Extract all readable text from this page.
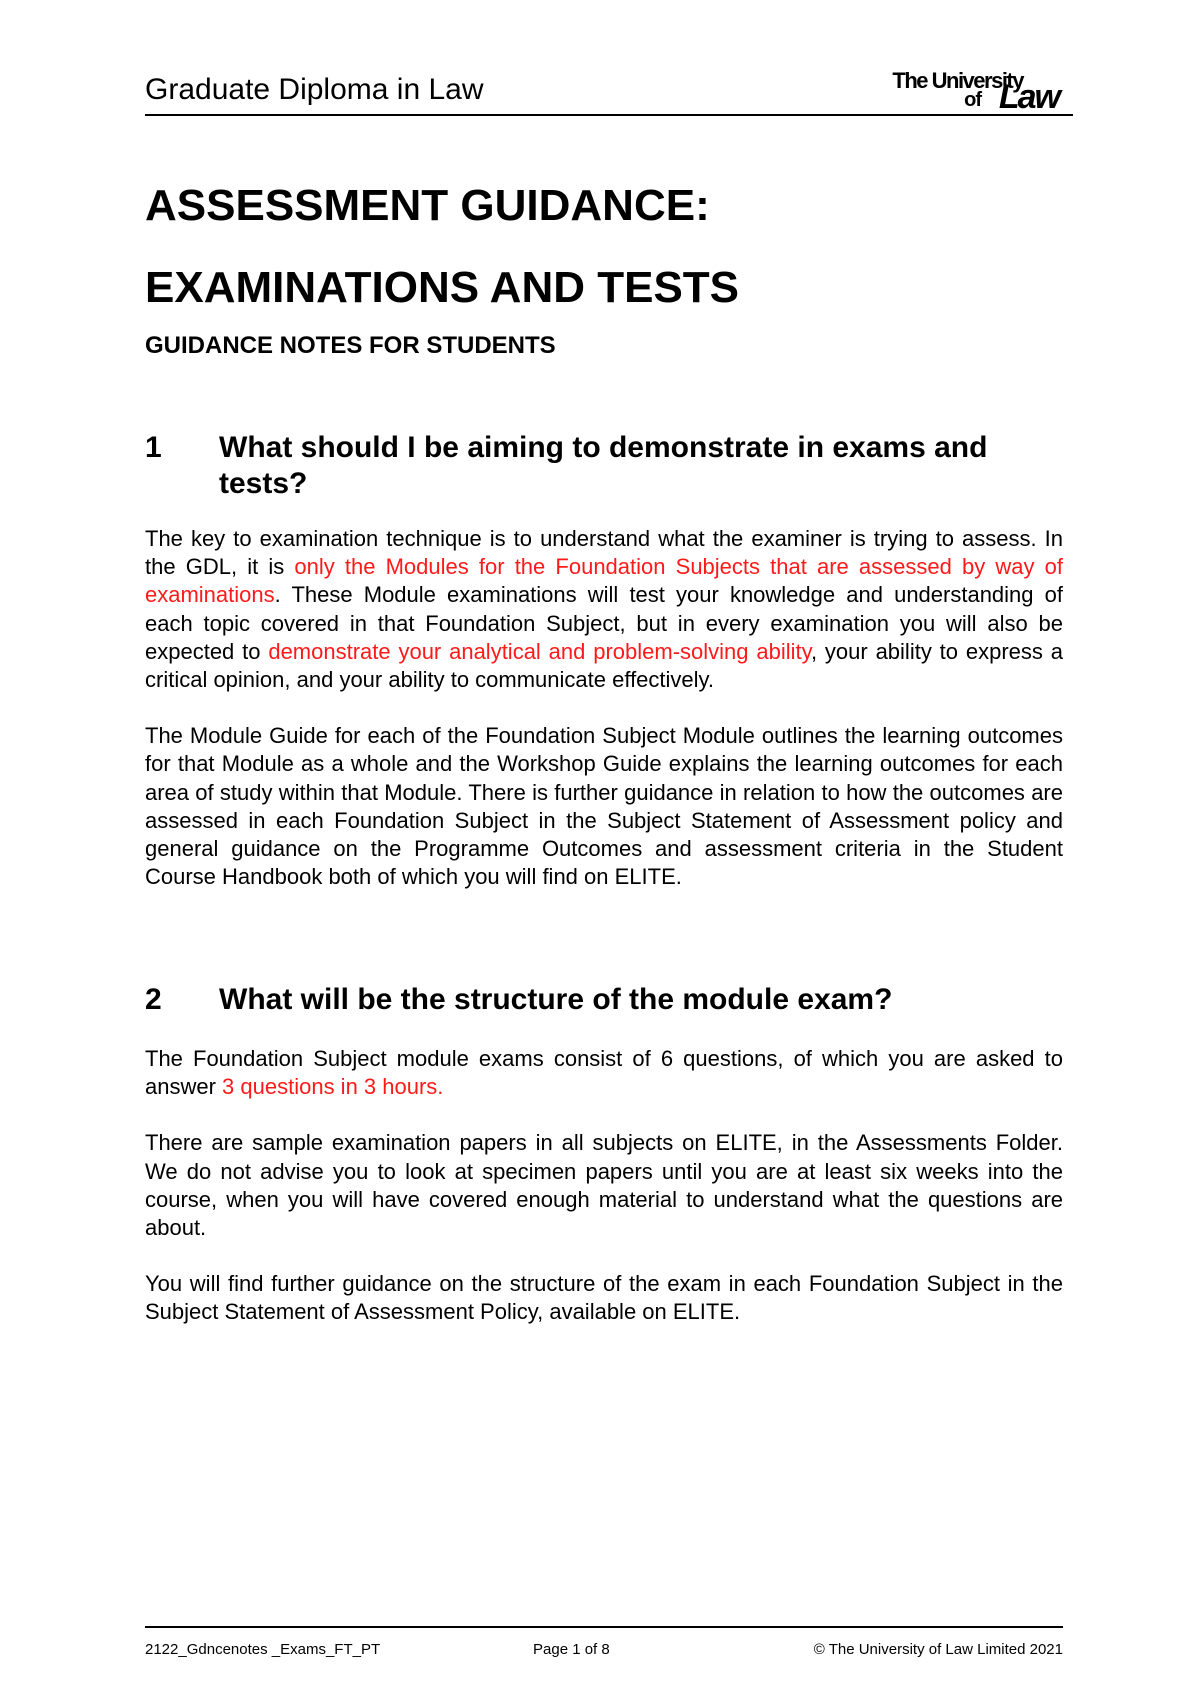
Graduate Diploma in Law	The University
of Law
ASSESSMENT GUIDANCE:
EXAMINATIONS AND TESTS
GUIDANCE NOTES FOR STUDENTS
1 What should I be aiming to demonstrate in exams and tests?

The key to examination technique is to understand what the examiner is trying to assess. In the GDL, it is only the Modules for the Foundation Subjects that are assessed by way of examinations. These Module examinations will test your knowledge and understanding of each topic covered in that Foundation Subject, but in every examination you will also be expected to demonstrate your analytical and problem-solving ability, your ability to express a critical opinion, and your ability to communicate effectively.

The Module Guide for each of the Foundation Subject Module outlines the learning outcomes for that Module as a whole and the Workshop Guide explains the learning outcomes for each area of study within that Module. There is further guidance in relation to how the outcomes are assessed in each Foundation Subject in the Subject Statement of Assessment policy and general guidance on the Programme Outcomes and assessment criteria in the Student Course Handbook both of which you will find on ELITE.

2 What will be the structure of the module exam?

The Foundation Subject module exams consist of 6 questions, of which you are asked to answer 3 questions in 3 hours.

There are sample examination papers in all subjects on ELITE, in the Assessments Folder. We do not advise you to look at specimen papers until you are at least six weeks into the course, when you will have covered enough material to understand what the questions are about.

You will find further guidance on the structure of the exam in each Foundation Subject in the Subject Statement of Assessment Policy, available on ELITE.

2122_Gdncenotes _Exams_FT_PT	Page 1 of 8	© The University of Law Limited 2021
